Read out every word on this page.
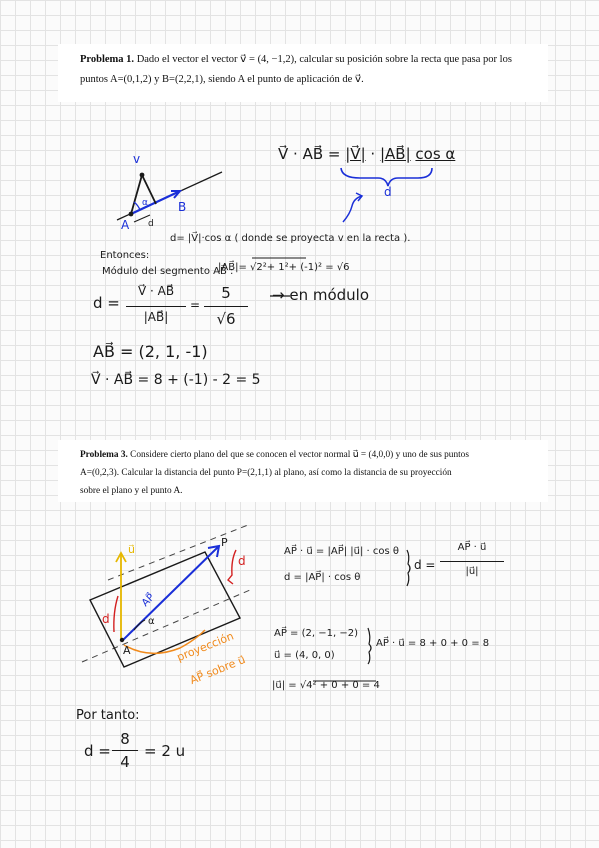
Problema 1. Dado el vector el vector v⃗ = (4, −1,2), calcular su posición sobre la recta que pasa por los
puntos A=(0,1,2) y B=(2,2,1), siendo A el punto de aplicación de v⃗.

V⃗ · AB⃗ = |V⃗| · |AB⃗| cos α
d
v
A
B
α
d
d= |V⃗|·cos α ( donde se proyecta v en la recta ).
Entonces:
Módulo del segmento AB⃗ :
|AB⃗|= √2²+ 1²+ (-1)² = √6
d =
V⃗ · AB⃗
|AB⃗|
=
5
√6
→ en módulo
AB⃗ = (2, 1, -1)
V⃗ · AB⃗ = 8 + (-1) - 2 = 5

Problema 3. Considere cierto plano del que se conocen el vector normal u⃗ = (4,0,0) y uno de sus puntos
A=(0,2,3). Calcular la distancia del punto P=(2,1,1) al plano, así como la distancia de su proyección
sobre el plano y el punto A.

u⃗
P
A
AP⃗
α
d
d
proyección
AP⃗ sobre u⃗
AP⃗ · u⃗ = |AP⃗| |u⃗| · cos θ
d = |AP⃗| · cos θ
d =
AP⃗ · u⃗
|u⃗|
AP⃗ = (2, −1, −2)
u⃗ = (4, 0, 0)
AP⃗ · u⃗ = 8 + 0 + 0 = 8
|u⃗| = √4² + 0 + 0 = 4
Por tanto:
d =
8
4
= 2 u
